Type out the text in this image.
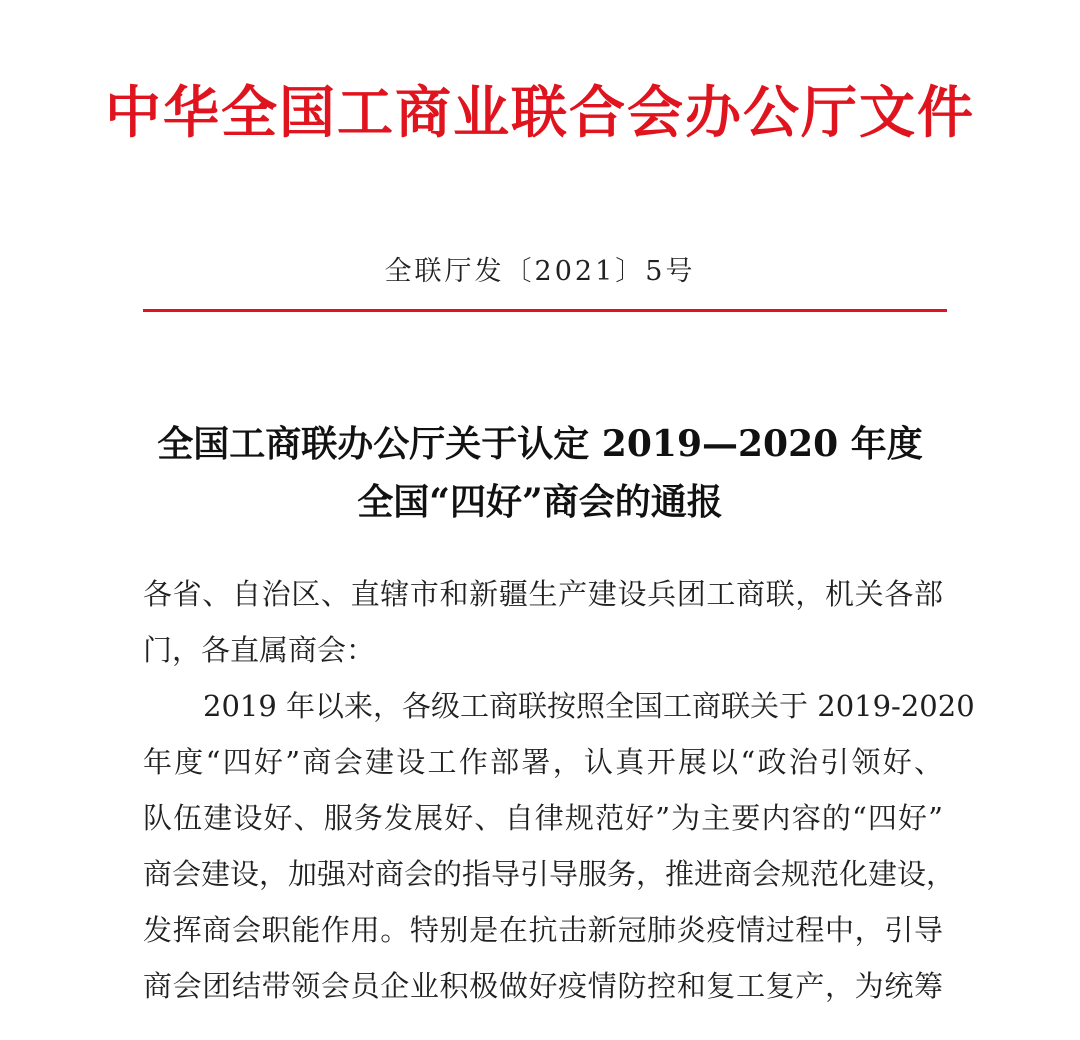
中华全国工商业联合会办公厅文件
全联厅发〔2021〕5号
全国工商联办公厅关于认定 2019—2020 年度
全国“四好”商会的通报
各省、自治区、直辖市和新疆生产建设兵团工商联，机关各部
门，各直属商会：
2019 年以来，各级工商联按照全国工商联关于 2019-2020
年度“四好”商会建设工作部署，认真开展以“政治引领好、
队伍建设好、服务发展好、自律规范好”为主要内容的“四好”
商会建设，加强对商会的指导引导服务，推进商会规范化建设，
发挥商会职能作用。特别是在抗击新冠肺炎疫情过程中，引导
商会团结带领会员企业积极做好疫情防控和复工复产，为统筹
